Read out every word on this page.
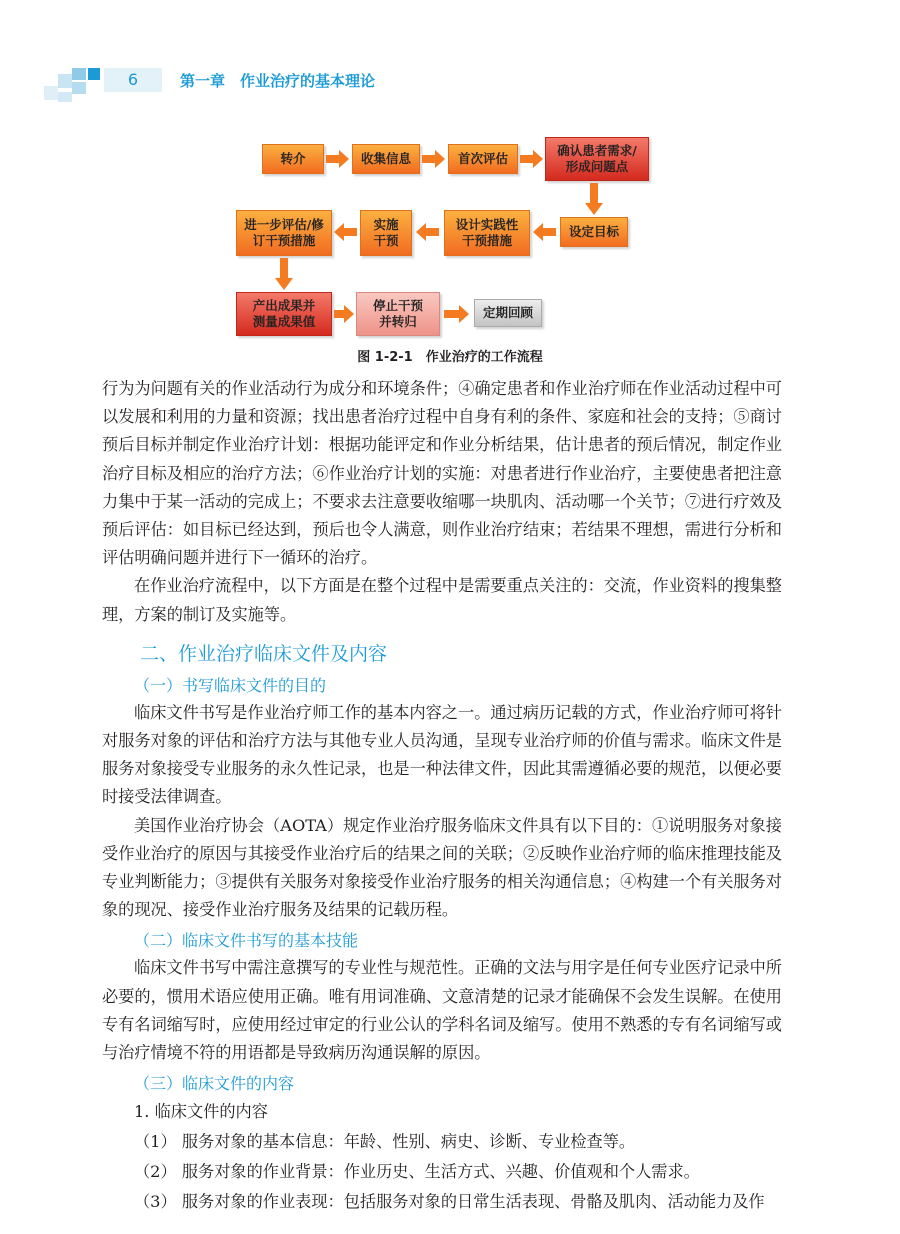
6	第一章　作业治疗的基本理论
转介	收集信息	首次评估
确认患者需求/
形成问题点
进一步评估/修
订干预措施
实施
干预
设计实践性
干预措施
设定目标
产出成果并
测量成果值
停止干预
并转归
定期回顾
图 1-2-1　作业治疗的工作流程

行为为问题有关的作业活动行为成分和环境条件；④确定患者和作业治疗师在作业活动过程中可以发展和利用的力量和资源；找出患者治疗过程中自身有利的条件、家庭和社会的支持；⑤商讨预后目标并制定作业治疗计划：根据功能评定和作业分析结果，估计患者的预后情况，制定作业治疗目标及相应的治疗方法；⑥作业治疗计划的实施：对患者进行作业治疗，主要使患者把注意力集中于某一活动的完成上；不要求去注意要收缩哪一块肌肉、活动哪一个关节；⑦进行疗效及预后评估：如目标已经达到，预后也令人满意，则作业治疗结束；若结果不理想，需进行分析和评估明确问题并进行下一循环的治疗。

在作业治疗流程中，以下方面是在整个过程中是需要重点关注的：交流，作业资料的搜集整理，方案的制订及实施等。

二、作业治疗临床文件及内容
（一）书写临床文件的目的

临床文件书写是作业治疗师工作的基本内容之一。通过病历记载的方式，作业治疗师可将针对服务对象的评估和治疗方法与其他专业人员沟通，呈现专业治疗师的价值与需求。临床文件是服务对象接受专业服务的永久性记录，也是一种法律文件，因此其需遵循必要的规范，以便必要时接受法律调查。

美国作业治疗协会（AOTA）规定作业治疗服务临床文件具有以下目的：①说明服务对象接受作业治疗的原因与其接受作业治疗后的结果之间的关联；②反映作业治疗师的临床推理技能及专业判断能力；③提供有关服务对象接受作业治疗服务的相关沟通信息；④构建一个有关服务对象的现况、接受作业治疗服务及结果的记载历程。

（二）临床文件书写的基本技能

临床文件书写中需注意撰写的专业性与规范性。正确的文法与用字是任何专业医疗记录中所必要的，惯用术语应使用正确。唯有用词准确、文意清楚的记录才能确保不会发生误解。在使用专有名词缩写时，应使用经过审定的行业公认的学科名词及缩写。使用不熟悉的专有名词缩写或与治疗情境不符的用语都是导致病历沟通误解的原因。

（三）临床文件的内容

1. 临床文件的内容

（1） 服务对象的基本信息：年龄、性别、病史、诊断、专业检查等。

（2） 服务对象的作业背景：作业历史、生活方式、兴趣、价值观和个人需求。

（3） 服务对象的作业表现：包括服务对象的日常生活表现、骨骼及肌肉、活动能力及作
